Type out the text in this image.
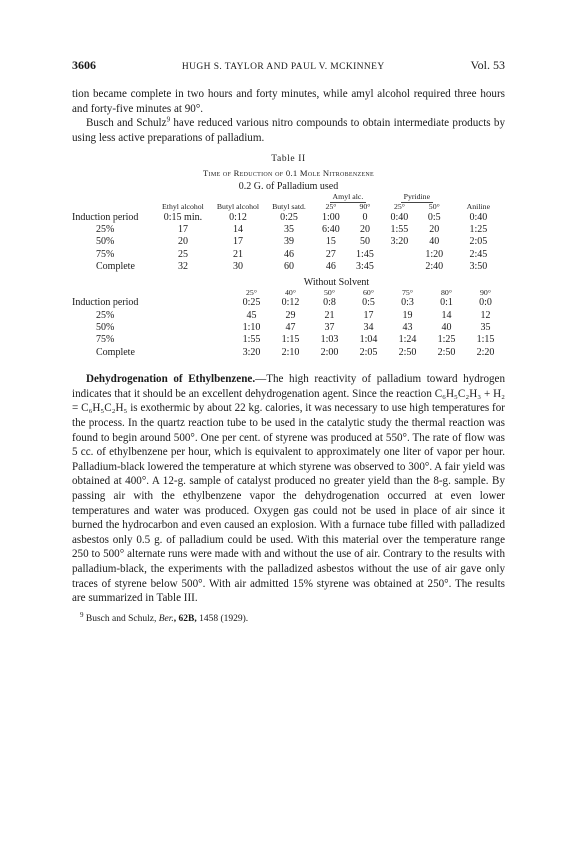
3606	HUGH S. TAYLOR AND PAUL V. MCKINNEY	Vol. 53

tion became complete in two hours and forty minutes, while amyl alcohol required three hours and forty-five minutes at 90°.

Busch and Schulz$^9$ have reduced various nitro compounds to obtain intermediate products by using less active preparations of palladium.

Table II
Time of Reduction of 0.1 Mole Nitrobenzene
0.2 G. of Palladium used
	Ethyl alcohol	Butyl alcohol	Butyl satd.	Amyl alc.		Pyridine		Aniline
				25°	90°	25°	50°	
Induction period	0:15 min.	0:12	0:25	1:00	0	0:40	0:5	0:40
25%	17	14	35	6:40	20	1:55	20	1:25
50%	20	17	39	15	50	3:20	40	2:05
75%	25	21	46	27	1:45		1:20	2:45
Complete	32	30	60	46	3:45		2:40	3:50
Without Solvent
	25°	40°	50°	60°	75°	80°	90°
Induction period	0:25	0:12	0:8	0:5	0:3	0:1	0:0
25%	45	29	21	17	19	14	12
50%	1:10	47	37	34	43	40	35
75%	1:55	1:15	1:03	1:04	1:24	1:25	1:15
Complete	3:20	2:10	2:00	2:05	2:50	2:50	2:20

Dehydrogenation of Ethylbenzene.—The high reactivity of palladium toward hydrogen indicates that it should be an excellent dehydrogenation agent. Since the reaction C₆H₅C₂H₃ + H₂ = C₆H₅C₂H₅ is exothermic by about 22 kg. calories, it was necessary to use high temperatures for the process. In the quartz reaction tube to be used in the catalytic study the thermal reaction was found to begin around 500°. One per cent. of styrene was produced at 550°. The rate of flow was 5 cc. of ethylbenzene per hour, which is equivalent to approximately one liter of vapor per hour. Palladium-black lowered the temperature at which styrene was observed to 300°. A fair yield was obtained at 400°. A 12-g. sample of catalyst produced no greater yield than the 8-g. sample. By passing air with the ethylbenzene vapor the dehydrogenation occurred at even lower temperatures and water was produced. Oxygen gas could not be used in place of air since it burned the hydrocarbon and even caused an explosion. With a furnace tube filled with palladized asbestos only 0.5 g. of palladium could be used. With this material over the temperature range 250 to 500° alternate runs were made with and without the use of air. Contrary to the results with palladium-black, the experiments with the palladized asbestos without the use of air gave only traces of styrene below 500°. With air admitted 15% styrene was obtained at 250°. The results are summarized in Table III.

$^9$ Busch and Schulz, Ber., 62B, 1458 (1929).
